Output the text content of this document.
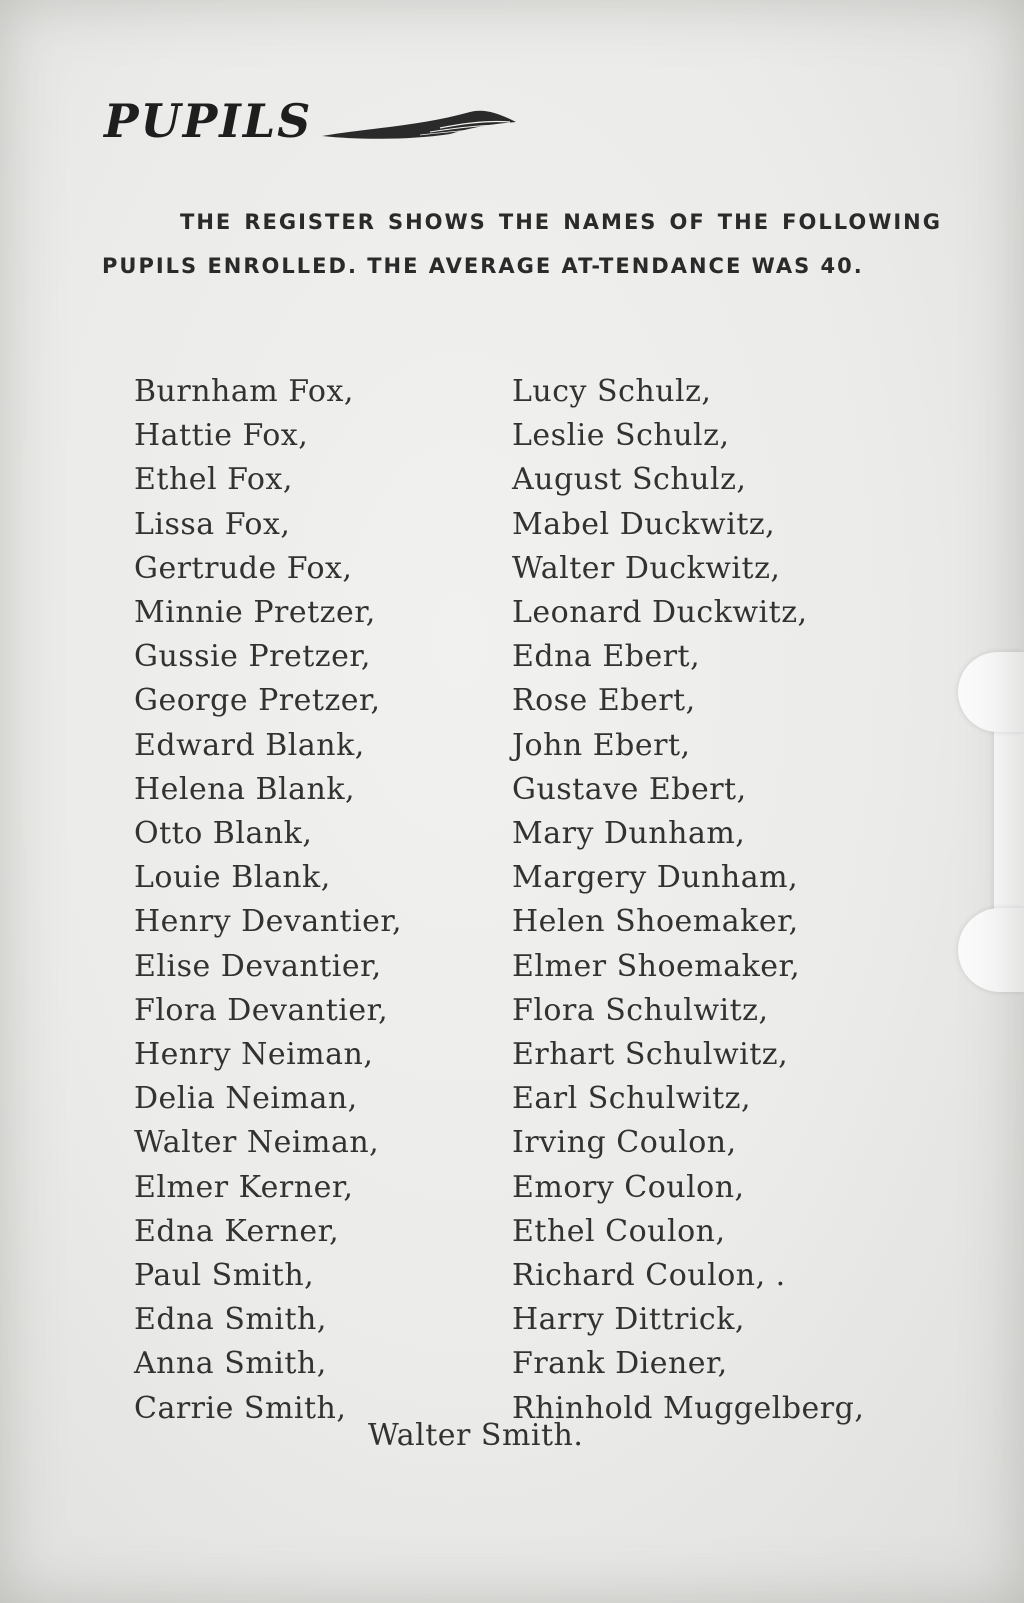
PUPILS

THE REGISTER SHOWS THE NAMES OF THE FOLLOWING PUPILS ENROLLED. THE AVERAGE AT-TENDANCE WAS 40.

Burnham Fox,
Hattie Fox,
Ethel Fox,
Lissa Fox,
Gertrude Fox,
Minnie Pretzer,
Gussie Pretzer,
George Pretzer,
Edward Blank,
Helena Blank,
Otto Blank,
Louie Blank,
Henry Devantier,
Elise Devantier,
Flora Devantier,
Henry Neiman,
Delia Neiman,
Walter Neiman,
Elmer Kerner,
Edna Kerner,
Paul Smith,
Edna Smith,
Anna Smith,
Carrie Smith,
Lucy Schulz,
Leslie Schulz,
August Schulz,
Mabel Duckwitz,
Walter Duckwitz,
Leonard Duckwitz,
Edna Ebert,
Rose Ebert,
John Ebert,
Gustave Ebert,
Mary Dunham,
Margery Dunham,
Helen Shoemaker,
Elmer Shoemaker,
Flora Schulwitz,
Erhart Schulwitz,
Earl Schulwitz,
Irving Coulon,
Emory Coulon,
Ethel Coulon,
Richard Coulon, .
Harry Dittrick,
Frank Diener,
Rhinhold Muggelberg,
Walter Smith.
